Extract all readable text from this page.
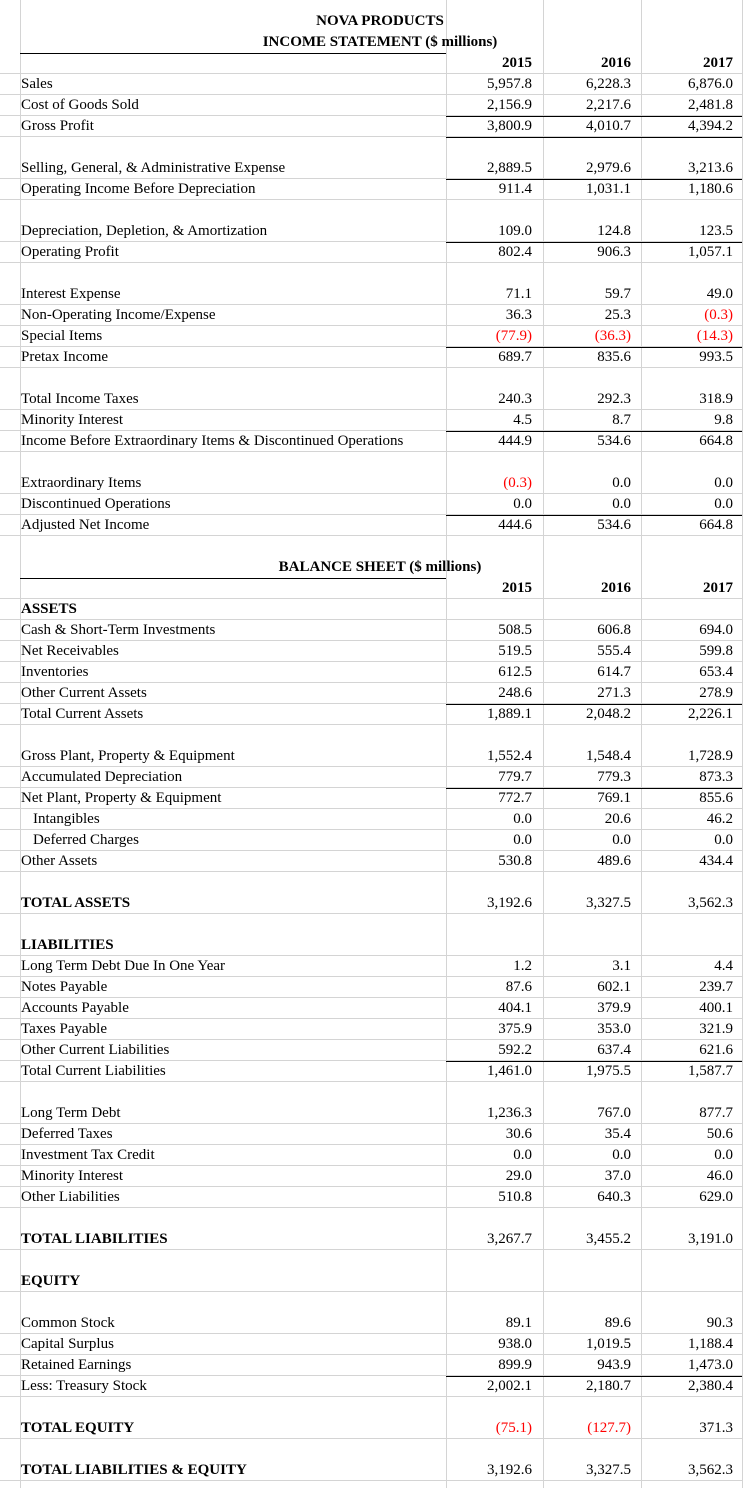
NOVA PRODUCTS
INCOME STATEMENT ($ millions)
2015	2016	2017
Sales	5,957.8	6,228.3	6,876.0
Cost of Goods Sold	2,156.9	2,217.6	2,481.8
Gross Profit	3,800.9	4,010.7	4,394.2
Selling, General, & Administrative Expense	2,889.5	2,979.6	3,213.6
Operating Income Before Depreciation	911.4	1,031.1	1,180.6
Depreciation, Depletion, & Amortization	109.0	124.8	123.5
Operating Profit	802.4	906.3	1,057.1
Interest Expense	71.1	59.7	49.0
Non-Operating Income/Expense	36.3	25.3	(0.3)
Special Items	(77.9)	(36.3)	(14.3)
Pretax Income	689.7	835.6	993.5
Total Income Taxes	240.3	292.3	318.9
Minority Interest	4.5	8.7	9.8
Income Before Extraordinary Items & Discontinued Operations	444.9	534.6	664.8
Extraordinary Items	(0.3)	0.0	0.0
Discontinued Operations	0.0	0.0	0.0
Adjusted Net Income	444.6	534.6	664.8
BALANCE SHEET ($ millions)
2015	2016	2017
ASSETS
Cash & Short-Term Investments	508.5	606.8	694.0
Net Receivables	519.5	555.4	599.8
Inventories	612.5	614.7	653.4
Other Current Assets	248.6	271.3	278.9
Total Current Assets	1,889.1	2,048.2	2,226.1
Gross Plant, Property & Equipment	1,552.4	1,548.4	1,728.9
Accumulated Depreciation	779.7	779.3	873.3
Net Plant, Property & Equipment	772.7	769.1	855.6
Intangibles	0.0	20.6	46.2
Deferred Charges	0.0	0.0	0.0
Other Assets	530.8	489.6	434.4
TOTAL ASSETS	3,192.6	3,327.5	3,562.3
LIABILITIES
Long Term Debt Due In One Year	1.2	3.1	4.4
Notes Payable	87.6	602.1	239.7
Accounts Payable	404.1	379.9	400.1
Taxes Payable	375.9	353.0	321.9
Other Current Liabilities	592.2	637.4	621.6
Total Current Liabilities	1,461.0	1,975.5	1,587.7
Long Term Debt	1,236.3	767.0	877.7
Deferred Taxes	30.6	35.4	50.6
Investment Tax Credit	0.0	0.0	0.0
Minority Interest	29.0	37.0	46.0
Other Liabilities	510.8	640.3	629.0
TOTAL LIABILITIES	3,267.7	3,455.2	3,191.0
EQUITY
Common Stock	89.1	89.6	90.3
Capital Surplus	938.0	1,019.5	1,188.4
Retained Earnings	899.9	943.9	1,473.0
Less: Treasury Stock	2,002.1	2,180.7	2,380.4
TOTAL EQUITY	(75.1)	(127.7)	371.3
TOTAL LIABILITIES & EQUITY	3,192.6	3,327.5	3,562.3
